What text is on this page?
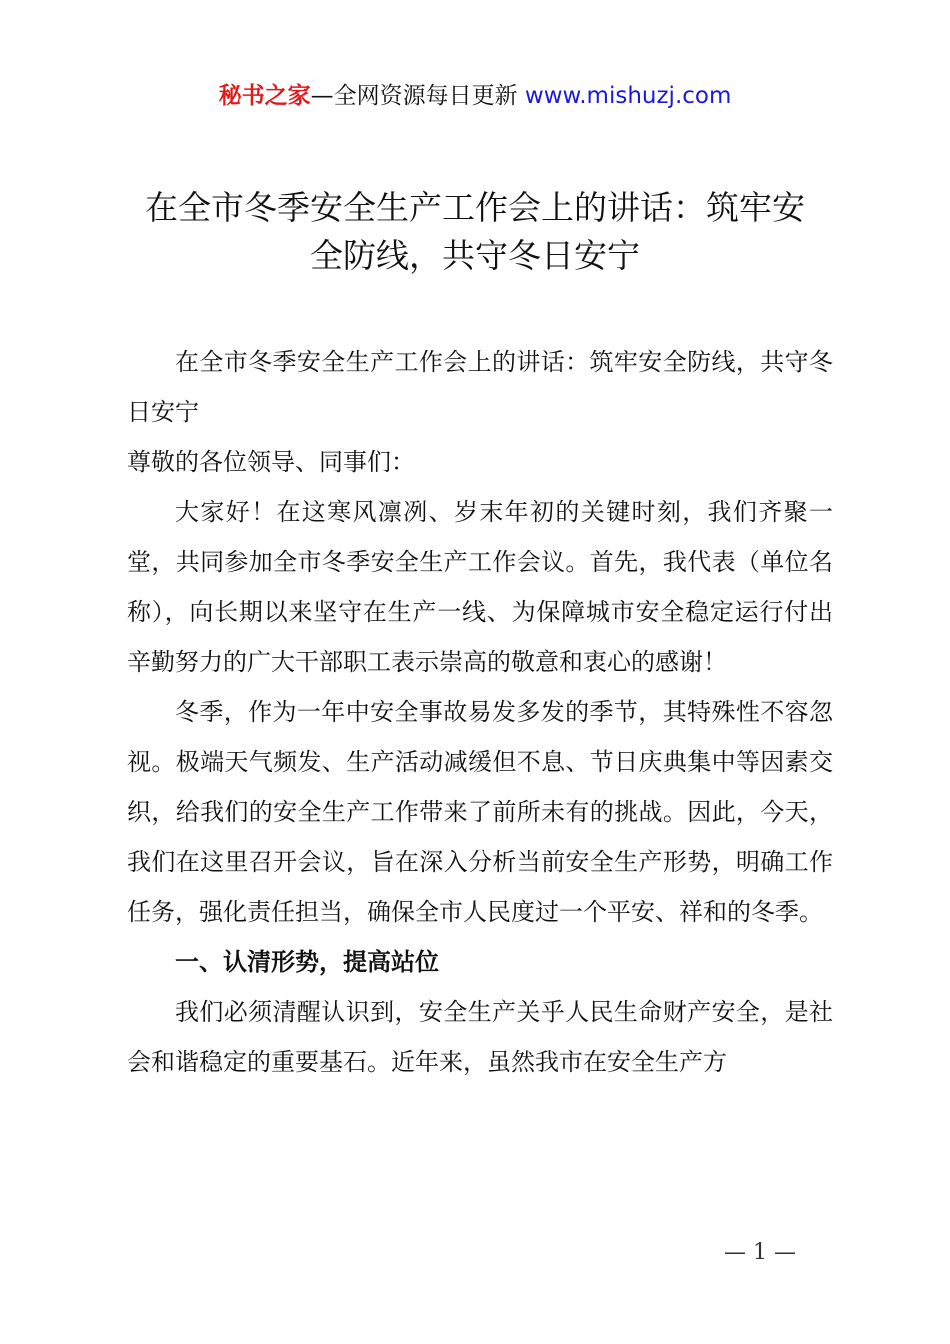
秘书之家—全网资源每日更新 www.mishuzj.com
在全市冬季安全生产工作会上的讲话：筑牢安
全防线，共守冬日安宁

在全市冬季安全生产工作会上的讲话：筑牢安全防线，共守冬日安宁

尊敬的各位领导、同事们：

大家好！在这寒风凛冽、岁末年初的关键时刻，我们齐聚一堂，共同参加全市冬季安全生产工作会议。首先，我代表（单位名称），向长期以来坚守在生产一线、为保障城市安全稳定运行付出辛勤努力的广大干部职工表示崇高的敬意和衷心的感谢！

冬季，作为一年中安全事故易发多发的季节，其特殊性不容忽视。极端天气频发、生产活动减缓但不息、节日庆典集中等因素交织，给我们的安全生产工作带来了前所未有的挑战。因此，今天，我们在这里召开会议，旨在深入分析当前安全生产形势，明确工作任务，强化责任担当，确保全市人民度过一个平安、祥和的冬季。

一、认清形势，提高站位

我们必须清醒认识到，安全生产关乎人民生命财产安全，是社会和谐稳定的重要基石。近年来，虽然我市在安全生产方

— 1 —
